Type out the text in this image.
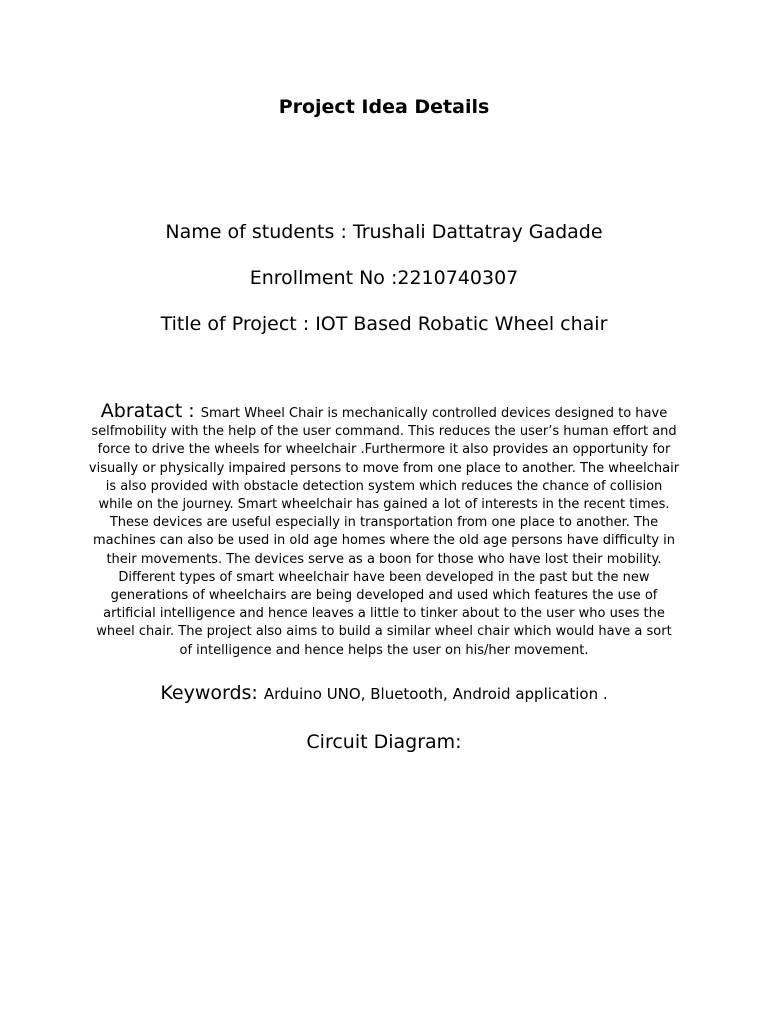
Project Idea Details
Name of students : Trushali Dattatray Gadade
Enrollment No :2210740307
Title of Project : IOT Based Robatic Wheel chair
Abratact : Smart Wheel Chair is mechanically controlled devices designed to have selfmobility with the help of the user command. This reduces the user’s human effort and force to drive the wheels for wheelchair .Furthermore it also provides an opportunity for visually or physically impaired persons to move from one place to another. The wheelchair is also provided with obstacle detection system which reduces the chance of collision while on the journey. Smart wheelchair has gained a lot of interests in the recent times. These devices are useful especially in transportation from one place to another. The machines can also be used in old age homes where the old age persons have difficulty in their movements. The devices serve as a boon for those who have lost their mobility. Different types of smart wheelchair have been developed in the past but the new generations of wheelchairs are being developed and used which features the use of artificial intelligence and hence leaves a little to tinker about to the user who uses the wheel chair. The project also aims to build a similar wheel chair which would have a sort of intelligence and hence helps the user on his/her movement.
Keywords: Arduino UNO, Bluetooth, Android application .
Circuit Diagram:
